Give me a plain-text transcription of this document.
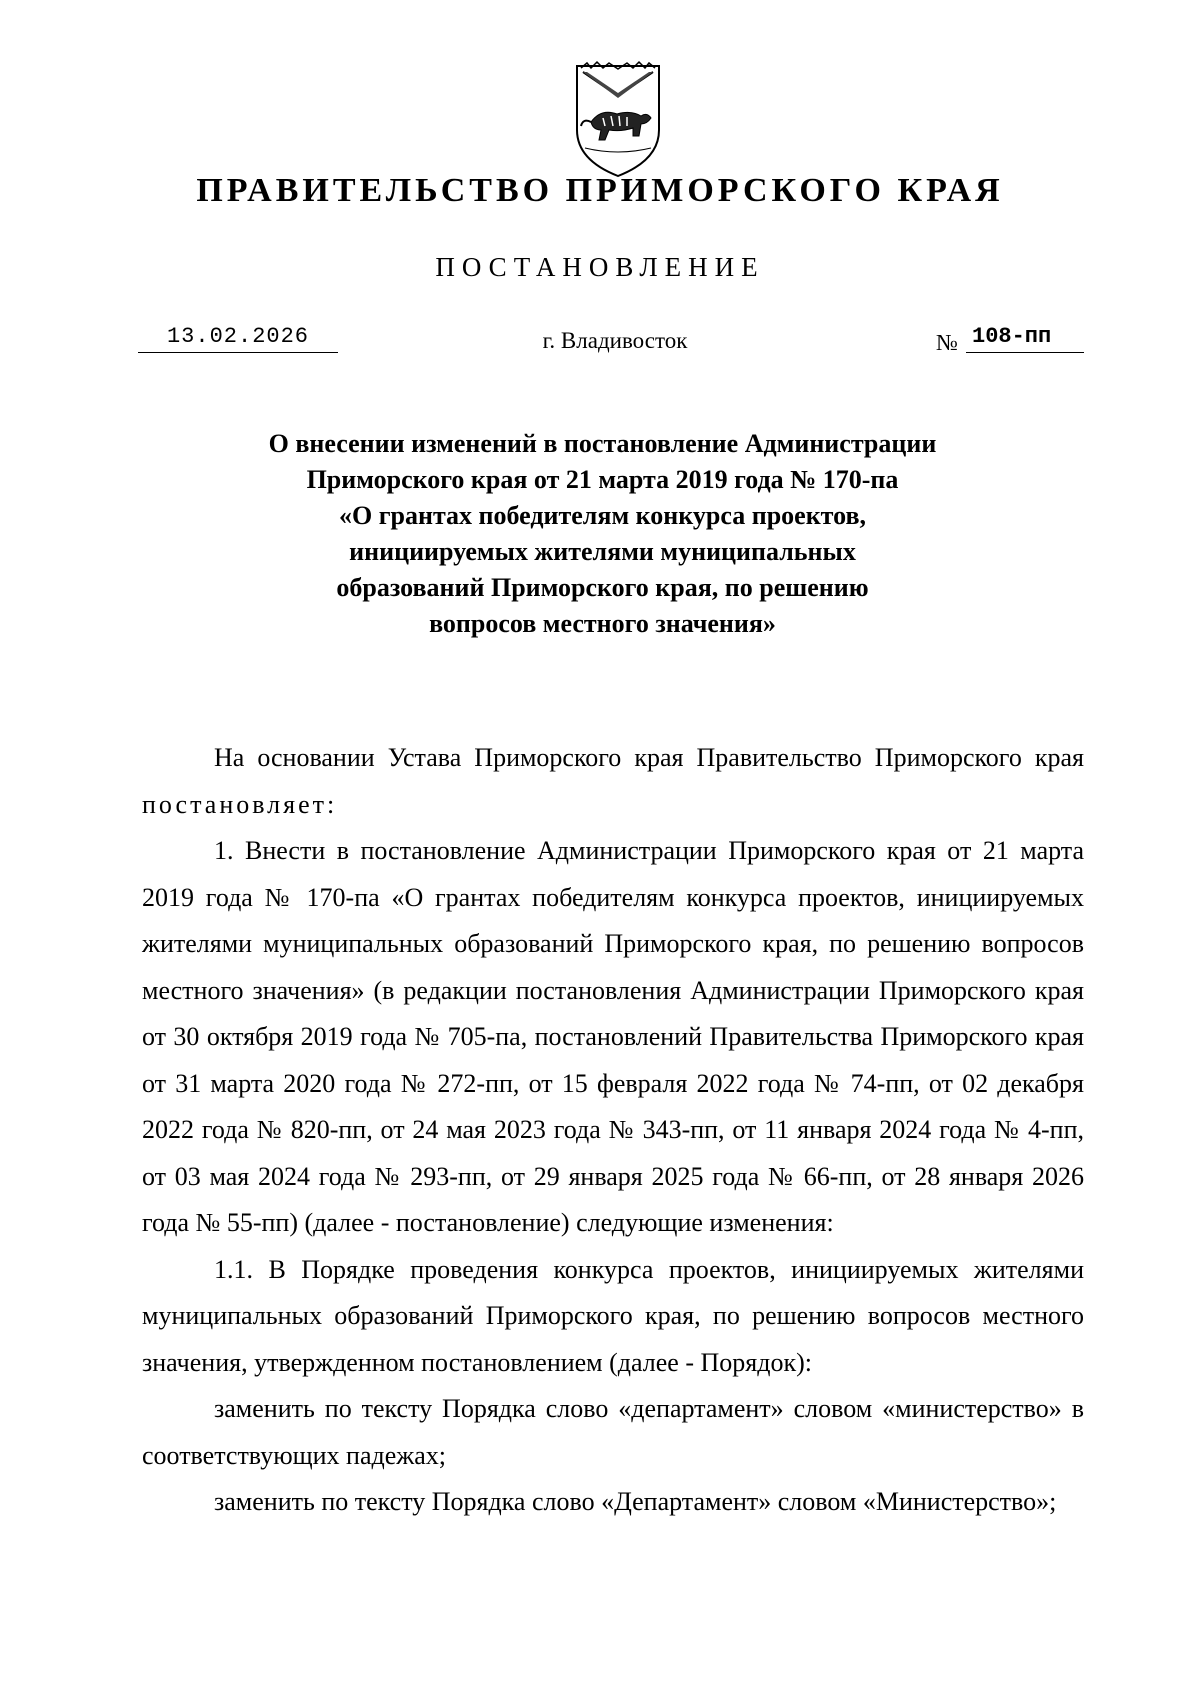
ПРАВИТЕЛЬСТВО ПРИМОРСКОГО КРАЯ
ПОСТАНОВЛЕНИЕ
13.02.2026	г. Владивосток	№ 108-пп
О внесении изменений в постановление Администрации
Приморского края от 21 марта 2019 года № 170-па
«О грантах победителям конкурса проектов,
инициируемых жителями муниципальных
образований Приморского края, по решению
вопросов местного значения»

На основании Устава Приморского края Правительство Приморского края постановляет:

1. Внести в постановление Администрации Приморского края от 21 марта 2019 года № 170-па «О грантах победителям конкурса проектов, инициируемых жителями муниципальных образований Приморского края, по решению вопросов местного значения» (в редакции постановления Администрации Приморского края от 30 октября 2019 года № 705-па, постановлений Правительства Приморского края от 31 марта 2020 года № 272-пп, от 15 февраля 2022 года № 74-пп, от 02 декабря 2022 года № 820-пп, от 24 мая 2023 года № 343-пп, от 11 января 2024 года № 4-пп, от 03 мая 2024 года № 293-пп, от 29 января 2025 года № 66-пп, от 28 января 2026 года № 55-пп) (далее - постановление) следующие изменения:

1.1. В Порядке проведения конкурса проектов, инициируемых жителями муниципальных образований Приморского края, по решению вопросов местного значения, утвержденном постановлением (далее - Порядок):

заменить по тексту Порядка слово «департамент» словом «министерство» в соответствующих падежах;

заменить по тексту Порядка слово «Департамент» словом «Министерство»;
